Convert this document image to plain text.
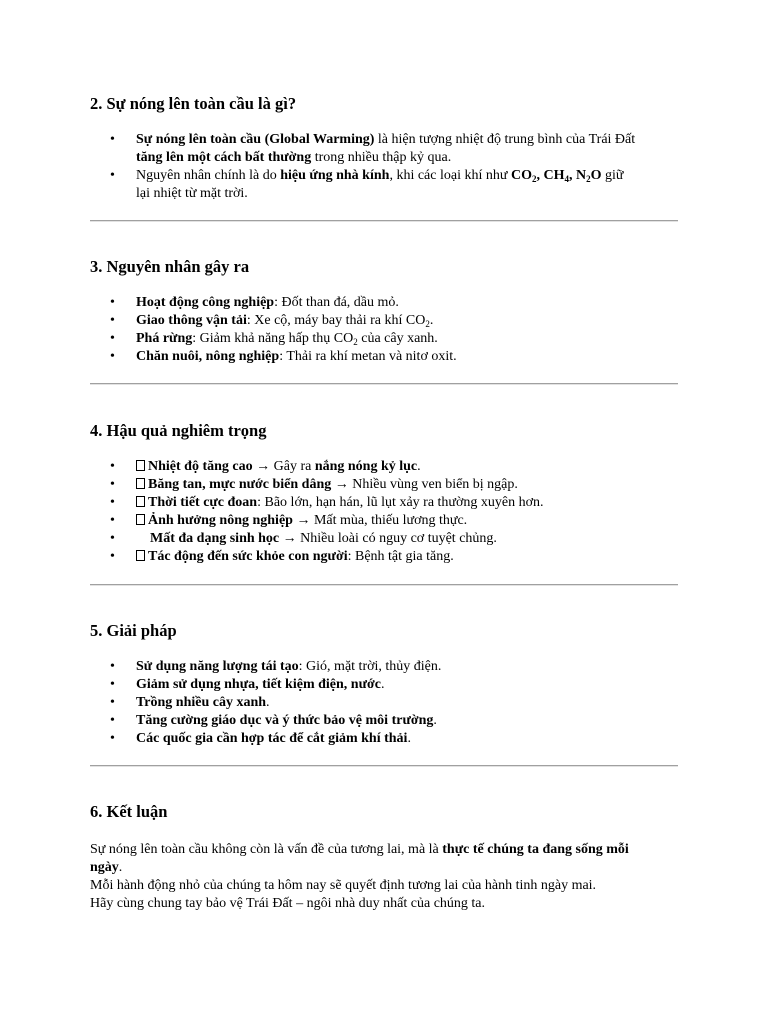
2. Sự nóng lên toàn cầu là gì?
• Sự nóng lên toàn cầu (Global Warming) là hiện tượng nhiệt độ trung bình của Trái Đất
tăng lên một cách bất thường trong nhiều thập kỷ qua.
• Nguyên nhân chính là do hiệu ứng nhà kính, khi các loại khí như $CO_2$, $CH_4$, $N_2O$ giữ
lại nhiệt từ mặt trời.
3. Nguyên nhân gây ra
• Hoạt động công nghiệp: Đốt than đá, dầu mỏ.
• Giao thông vận tải: Xe cộ, máy bay thải ra khí $CO_2$.
• Phá rừng: Giảm khả năng hấp thụ $CO_2$ của cây xanh.
• Chăn nuôi, nông nghiệp: Thải ra khí metan và nitơ oxit.
4. Hậu quả nghiêm trọng
• Nhiệt độ tăng cao → Gây ra nắng nóng kỷ lục.
• Băng tan, mực nước biển dâng → Nhiều vùng ven biển bị ngập.
• Thời tiết cực đoan: Bão lớn, hạn hán, lũ lụt xảy ra thường xuyên hơn.
• Ảnh hưởng nông nghiệp → Mất mùa, thiếu lương thực.
• Mất đa dạng sinh học → Nhiều loài có nguy cơ tuyệt chủng.
• Tác động đến sức khỏe con người: Bệnh tật gia tăng.
5. Giải pháp
• Sử dụng năng lượng tái tạo: Gió, mặt trời, thủy điện.
• Giảm sử dụng nhựa, tiết kiệm điện, nước.
• Trồng nhiều cây xanh.
• Tăng cường giáo dục và ý thức bảo vệ môi trường.
• Các quốc gia cần hợp tác để cắt giảm khí thải.
6. Kết luận

Sự nóng lên toàn cầu không còn là vấn đề của tương lai, mà là thực tế chúng ta đang sống mỗi
ngày.

Mỗi hành động nhỏ của chúng ta hôm nay sẽ quyết định tương lai của hành tinh ngày mai.

Hãy cùng chung tay bảo vệ Trái Đất – ngôi nhà duy nhất của chúng ta.
